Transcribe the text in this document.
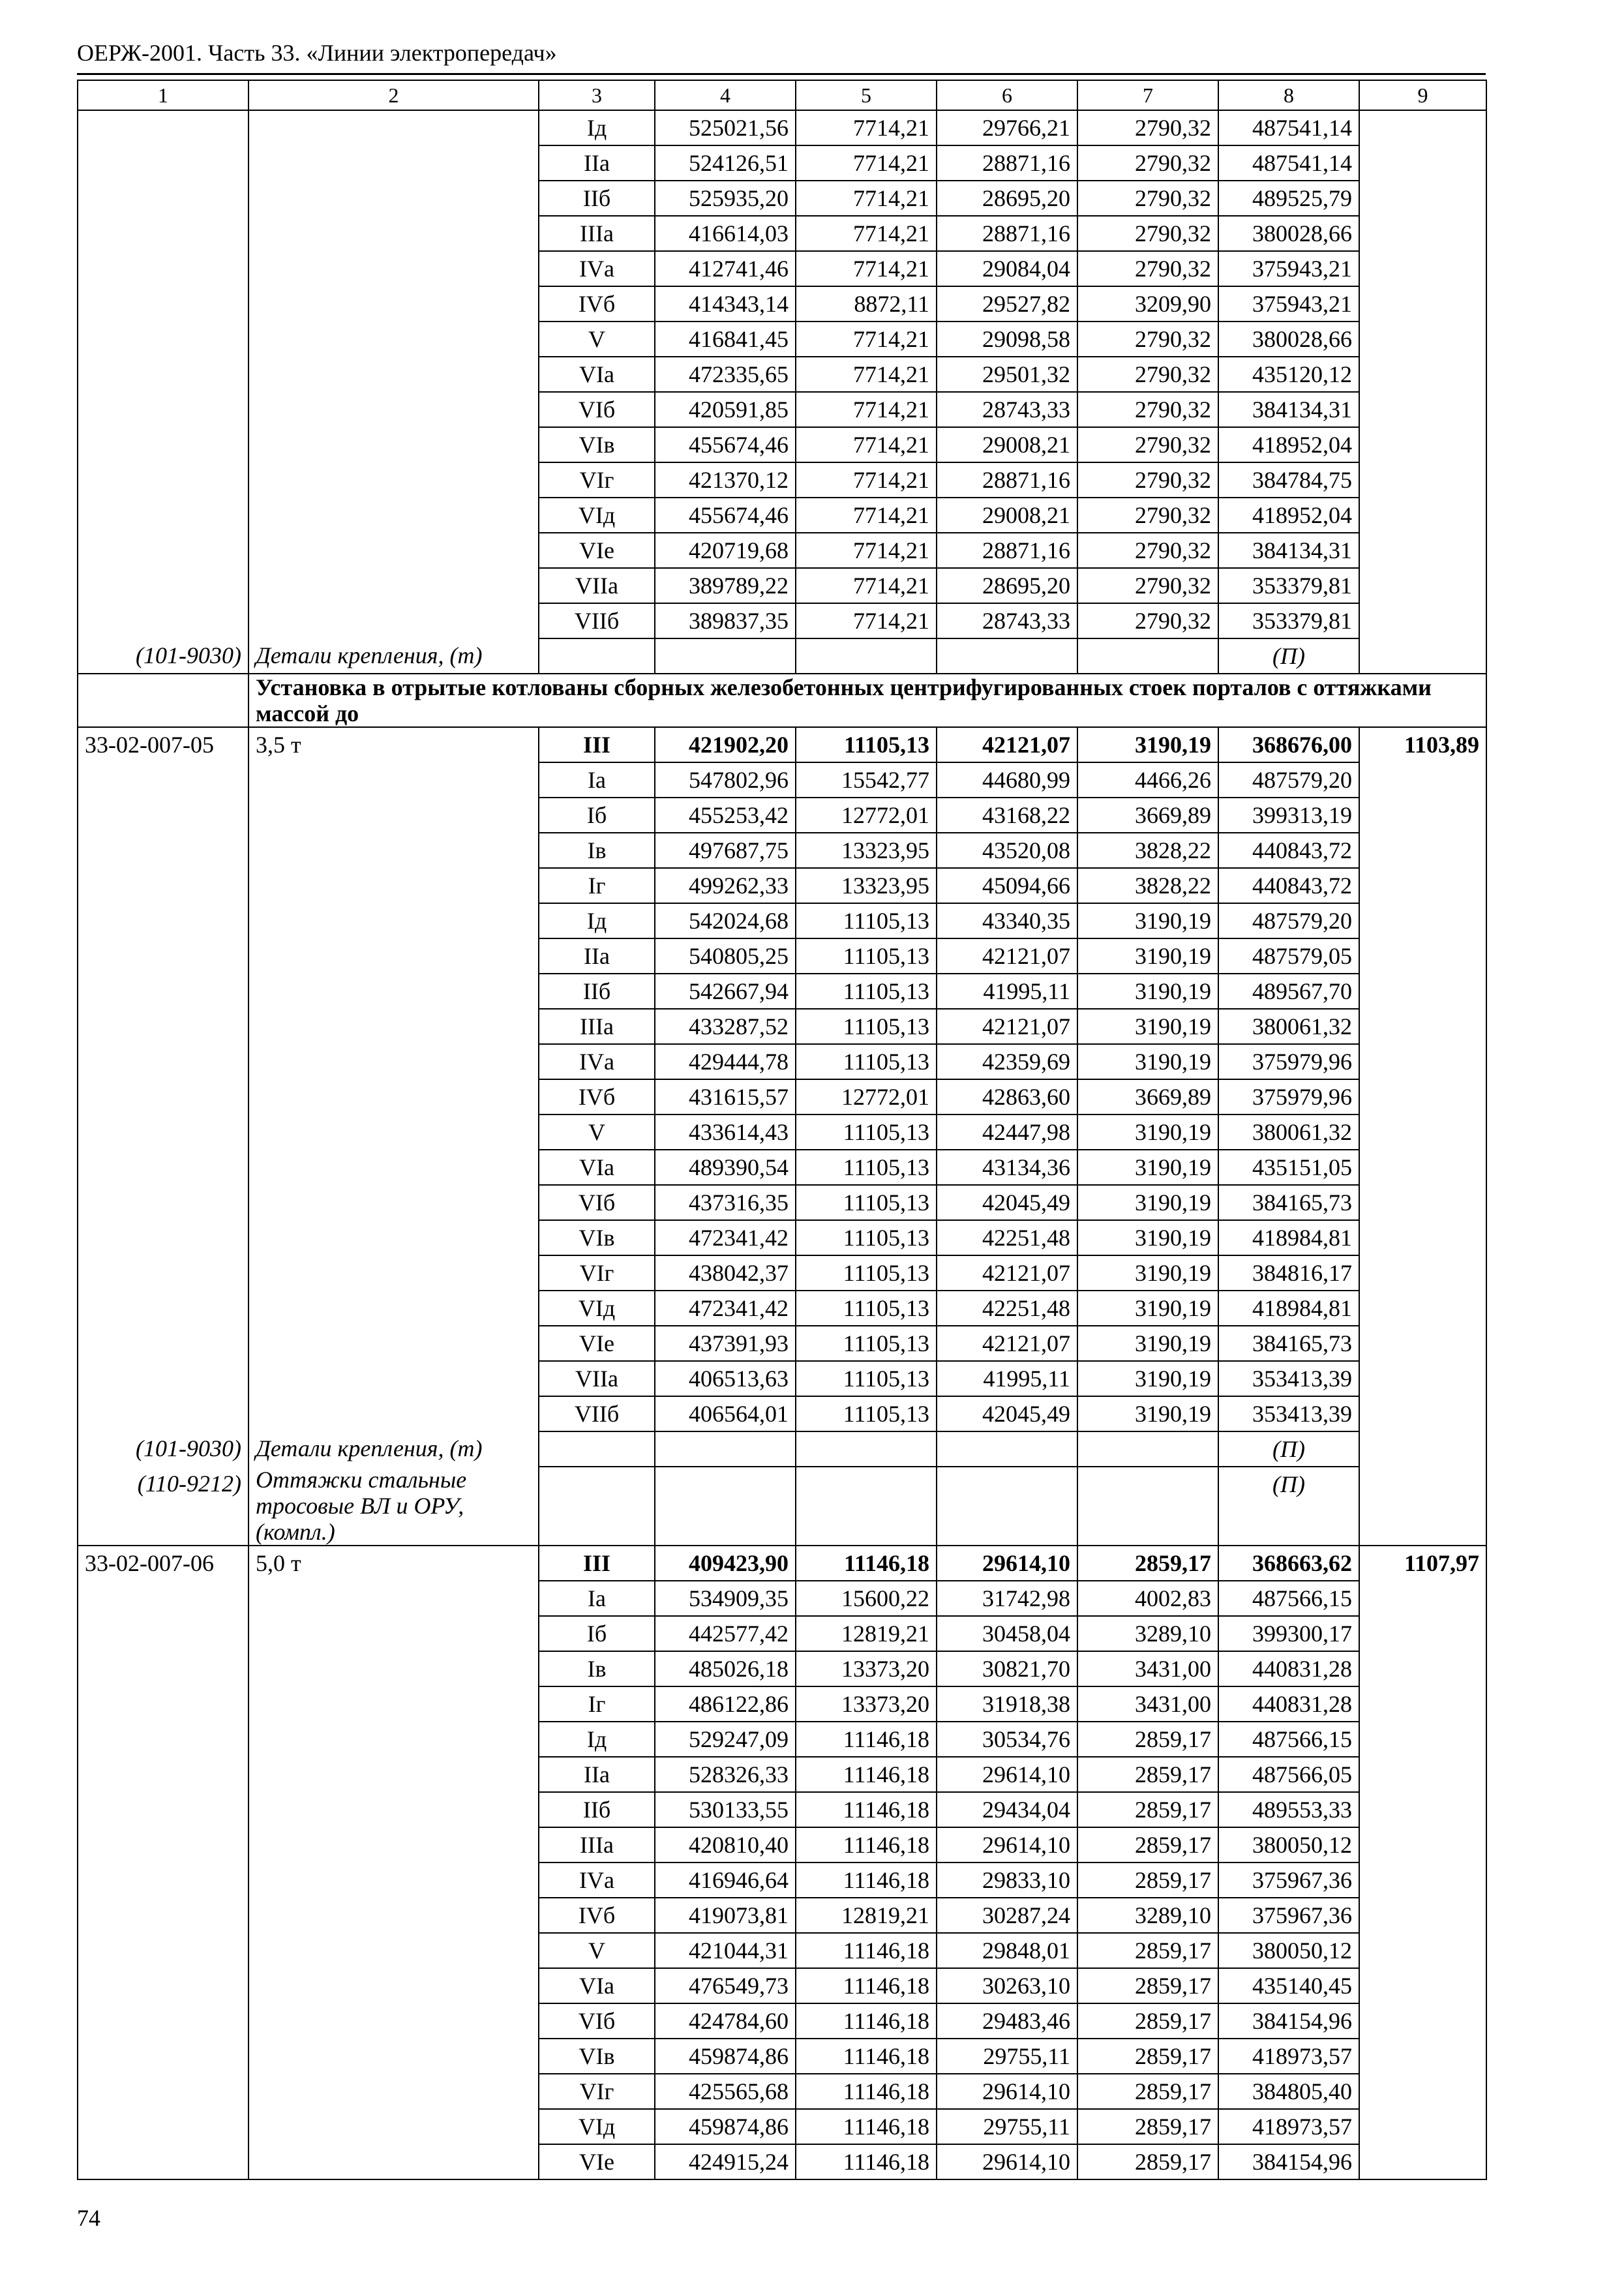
ОЕРЖ-2001. Часть 33. «Линии электропередач»
1	2	3	4	5	6	7	8	9
		Iд	525021,56	7714,21	29766,21	2790,32	487541,14	
		IIа	524126,51	7714,21	28871,16	2790,32	487541,14	
		IIб	525935,20	7714,21	28695,20	2790,32	489525,79	
		IIIа	416614,03	7714,21	28871,16	2790,32	380028,66	
		IVа	412741,46	7714,21	29084,04	2790,32	375943,21	
		IVб	414343,14	8872,11	29527,82	3209,90	375943,21	
		V	416841,45	7714,21	29098,58	2790,32	380028,66	
		VIа	472335,65	7714,21	29501,32	2790,32	435120,12	
		VIб	420591,85	7714,21	28743,33	2790,32	384134,31	
		VIв	455674,46	7714,21	29008,21	2790,32	418952,04	
		VIг	421370,12	7714,21	28871,16	2790,32	384784,75	
		VIд	455674,46	7714,21	29008,21	2790,32	418952,04	
		VIе	420719,68	7714,21	28871,16	2790,32	384134,31	
		VIIа	389789,22	7714,21	28695,20	2790,32	353379,81	
		VIIб	389837,35	7714,21	28743,33	2790,32	353379,81	
(101-9030)	Детали крепления, (т)						(П)	
	Установка в отрытые котлованы сборных железобетонных центрифугированных стоек порталов с оттяжками массой до							
33-02-007-05	3,5 т	III	421902,20	11105,13	42121,07	3190,19	368676,00	1103,89
		Iа	547802,96	15542,77	44680,99	4466,26	487579,20	
		Iб	455253,42	12772,01	43168,22	3669,89	399313,19	
		Iв	497687,75	13323,95	43520,08	3828,22	440843,72	
		Iг	499262,33	13323,95	45094,66	3828,22	440843,72	
		Iд	542024,68	11105,13	43340,35	3190,19	487579,20	
		IIа	540805,25	11105,13	42121,07	3190,19	487579,05	
		IIб	542667,94	11105,13	41995,11	3190,19	489567,70	
		IIIа	433287,52	11105,13	42121,07	3190,19	380061,32	
		IVа	429444,78	11105,13	42359,69	3190,19	375979,96	
		IVб	431615,57	12772,01	42863,60	3669,89	375979,96	
		V	433614,43	11105,13	42447,98	3190,19	380061,32	
		VIа	489390,54	11105,13	43134,36	3190,19	435151,05	
		VIб	437316,35	11105,13	42045,49	3190,19	384165,73	
		VIв	472341,42	11105,13	42251,48	3190,19	418984,81	
		VIг	438042,37	11105,13	42121,07	3190,19	384816,17	
		VIд	472341,42	11105,13	42251,48	3190,19	418984,81	
		VIе	437391,93	11105,13	42121,07	3190,19	384165,73	
		VIIа	406513,63	11105,13	41995,11	3190,19	353413,39	
		VIIб	406564,01	11105,13	42045,49	3190,19	353413,39	
(101-9030)	Детали крепления, (т)						(П)	
(110-9212)	Оттяжки стальные тросовые ВЛ и ОРУ, (компл.)						(П)	
33-02-007-06	5,0 т	III	409423,90	11146,18	29614,10	2859,17	368663,62	1107,97
		Iа	534909,35	15600,22	31742,98	4002,83	487566,15	
		Iб	442577,42	12819,21	30458,04	3289,10	399300,17	
		Iв	485026,18	13373,20	30821,70	3431,00	440831,28	
		Iг	486122,86	13373,20	31918,38	3431,00	440831,28	
		Iд	529247,09	11146,18	30534,76	2859,17	487566,15	
		IIа	528326,33	11146,18	29614,10	2859,17	487566,05	
		IIб	530133,55	11146,18	29434,04	2859,17	489553,33	
		IIIа	420810,40	11146,18	29614,10	2859,17	380050,12	
		IVа	416946,64	11146,18	29833,10	2859,17	375967,36	
		IVб	419073,81	12819,21	30287,24	3289,10	375967,36	
		V	421044,31	11146,18	29848,01	2859,17	380050,12	
		VIа	476549,73	11146,18	30263,10	2859,17	435140,45	
		VIб	424784,60	11146,18	29483,46	2859,17	384154,96	
		VIв	459874,86	11146,18	29755,11	2859,17	418973,57	
		VIг	425565,68	11146,18	29614,10	2859,17	384805,40	
		VIд	459874,86	11146,18	29755,11	2859,17	418973,57	
		VIе	424915,24	11146,18	29614,10	2859,17	384154,96	
74
